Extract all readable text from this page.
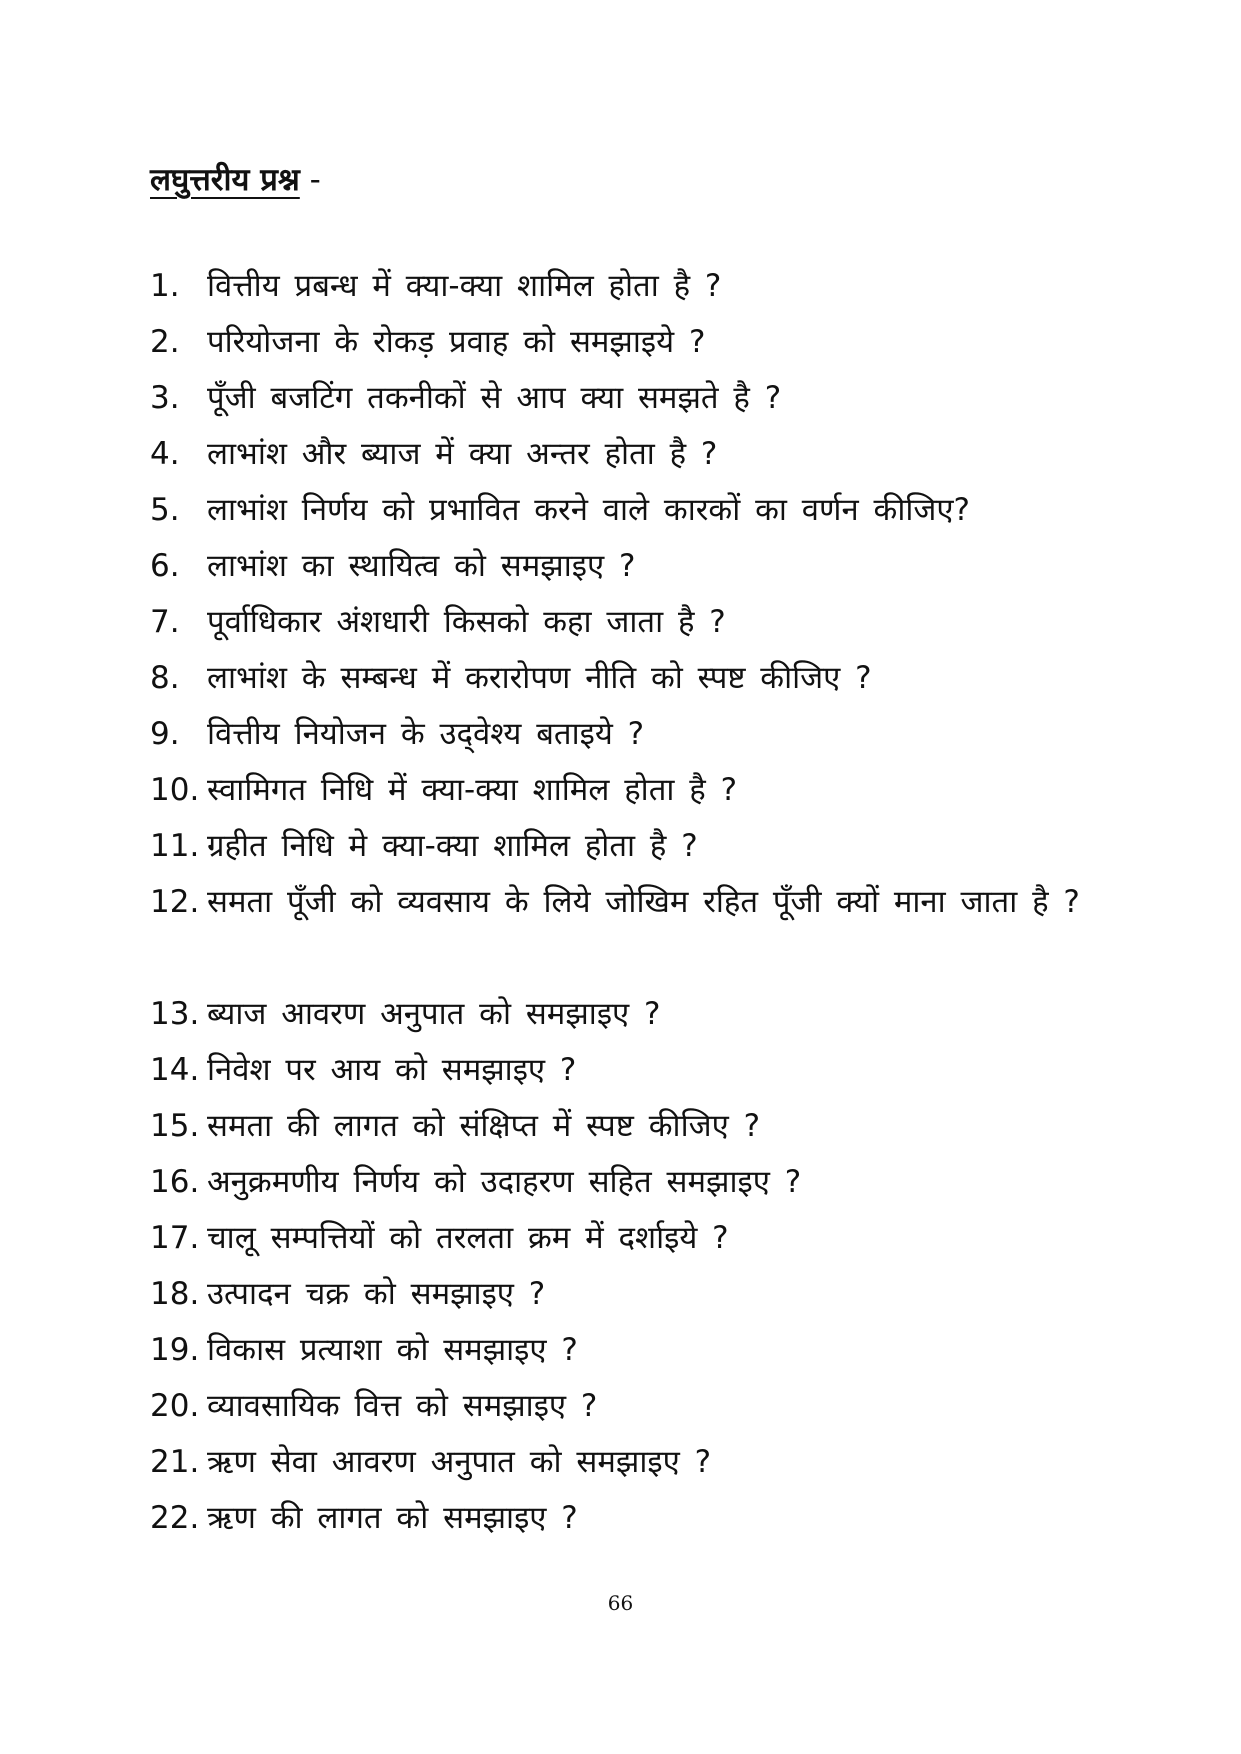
लघुत्तरीय प्रश्न -
1. वित्तीय प्रबन्ध में क्या-क्या शामिल होता है ?
2. परियोजना के रोकड़ प्रवाह को समझाइये ?
3. पूँजी बजटिंग तकनीकों से आप क्या समझते है ?
4. लाभांश और ब्याज में क्या अन्तर होता है ?
5. लाभांश निर्णय को प्रभावित करने वाले कारकों का वर्णन कीजिए?
6. लाभांश का स्थायित्व को समझाइए ?
7. पूर्वाधिकार अंशधारी किसको कहा जाता है ?
8. लाभांश के सम्बन्ध में करारोपण नीति को स्पष्ट कीजिए ?
9. वित्तीय नियोजन के उद्‌वेश्य बताइये ?
10. स्वामिगत निधि में क्या-क्या शामिल होता है ?
11. ग्रहीत निधि मे क्या-क्या शामिल होता है ?
12. समता पूँजी को व्यवसाय के लिये जोखिम रहित पूँजी क्यों माना जाता है ?
13. ब्याज आवरण अनुपात को समझाइए ?
14. निवेश पर आय को समझाइए ?
15. समता की लागत को संक्षिप्त में स्पष्ट कीजिए ?
16. अनुक्रमणीय निर्णय को उदाहरण सहित समझाइए ?
17. चालू सम्पत्तियों को तरलता क्रम में दर्शाइये ?
18. उत्पादन चक्र को समझाइए ?
19. विकास प्रत्याशा को समझाइए ?
20. व्यावसायिक वित्त को समझाइए ?
21. ऋण सेवा आवरण अनुपात को समझाइए ?
22. ऋण की लागत को समझाइए ?
66
